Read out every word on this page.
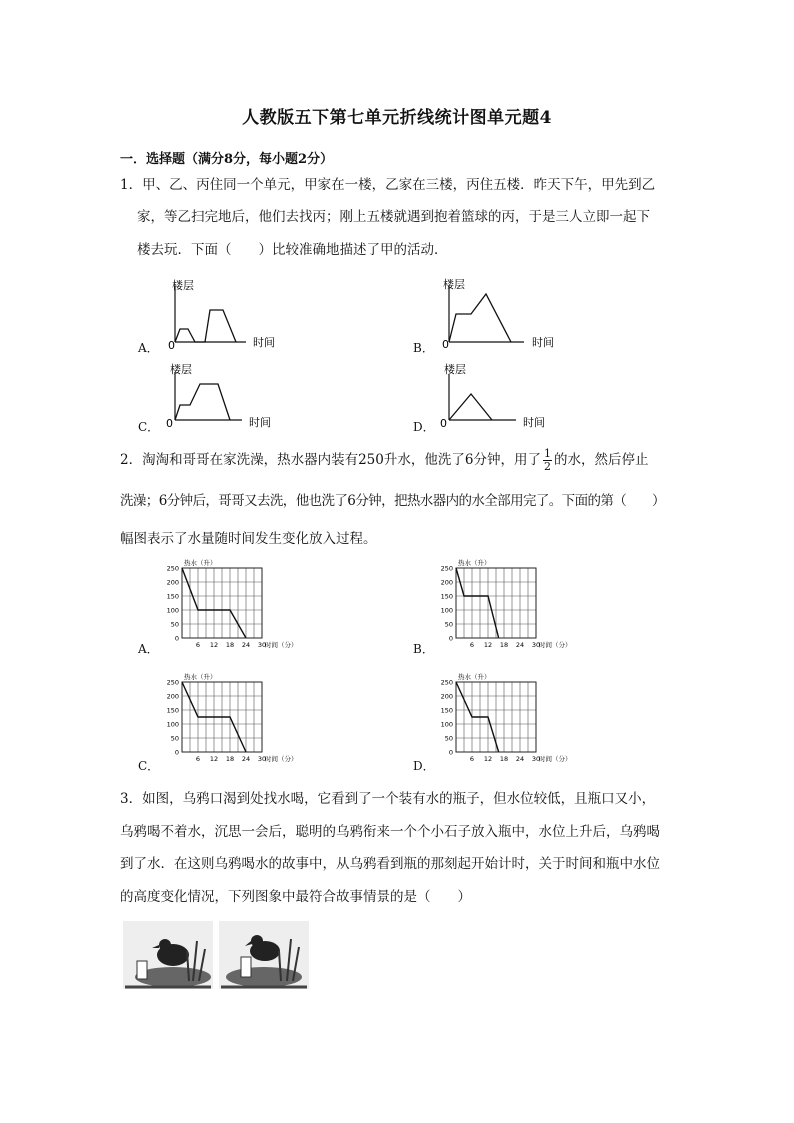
人教版五下第七单元折线统计图单元题4
一．选择题（满分8分，每小题2分）
1．甲、乙、丙住同一个单元，甲家在一楼，乙家在三楼，丙住五楼．昨天下午，甲先到乙
家，等乙扫完地后，他们去找丙；刚上五楼就遇到抱着篮球的丙，于是三人立即一起下
楼去玩．下面（　　）比较准确地描述了甲的活动．
A．
楼层
0	时间	B．
楼层
0	时间
C．
楼层
0	时间	D．
楼层
0	时间
2．淘淘和哥哥在家洗澡，热水器内装有250升水，他洗了6分钟，用了 $\frac{1}{2}$ 的水，然后停止
洗澡；6分钟后，哥哥又去洗，他也洗了6分钟，把热水器内的水全部用完了。下面的第（　　）
幅图表示了水量随时间发生变化放入过程。
A．
250
200
150
100
50
0
6 12 18 24 30
热水（升）
时间（分）	B．
250
200
150
100
50
0
6 12 18 24 30
热水（升）
时间（分）
C．
250
200
150
100
50
0
6 12 18 24 30
热水（升）
时间（分）	D．
250
200
150
100
50
0
6 12 18 24 30
热水（升）
时间（分）
3．如图，乌鸦口渴到处找水喝，它看到了一个装有水的瓶子，但水位较低，且瓶口又小，
乌鸦喝不着水，沉思一会后，聪明的乌鸦衔来一个个小石子放入瓶中，水位上升后，乌鸦喝
到了水．在这则乌鸦喝水的故事中，从乌鸦看到瓶的那刻起开始计时，关于时间和瓶中水位
的高度变化情况，下列图象中最符合故事情景的是（　　）
